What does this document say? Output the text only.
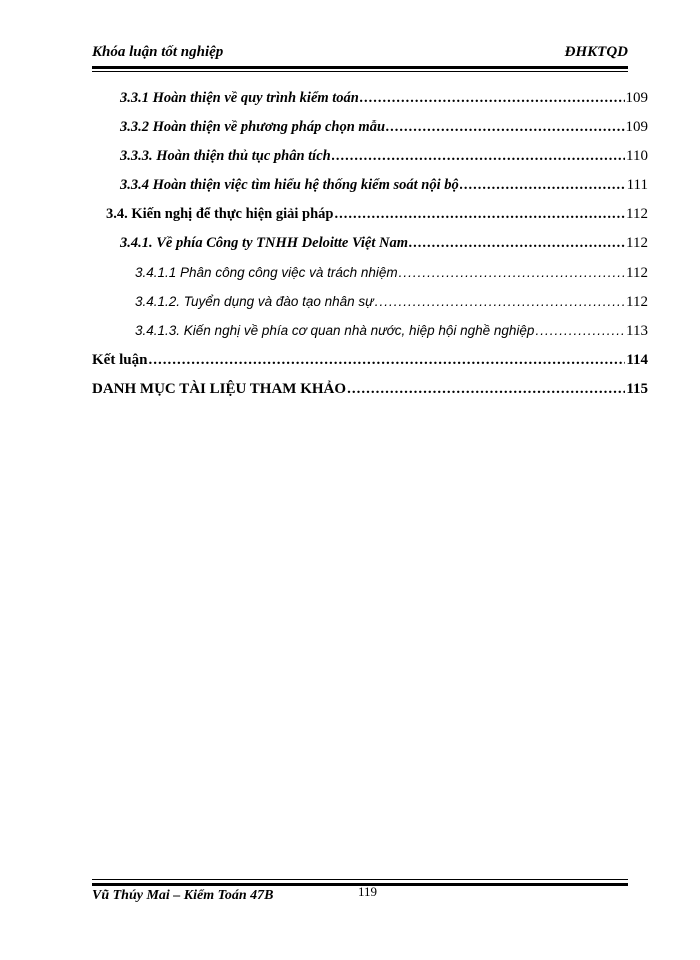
Khóa luận tốt nghiệp	ĐHKTQD
3.3.1 Hoàn thiện về quy trình kiểm toán .....	109
3.3.2 Hoàn thiện về phương pháp chọn mẫu .....	109
3.3.3. Hoàn thiện thủ tục phân tích .....	110
3.3.4 Hoàn thiện việc tìm hiểu hệ thống kiểm soát nội bộ .....	111
3.4. Kiến nghị để thực hiện giải pháp .....	112
3.4.1. Về phía Công ty TNHH Deloitte Việt Nam .....	112
3.4.1.1 Phân công công việc và trách nhiệm .....	112
3.4.1.2. Tuyển dụng và đào tạo nhân sự .....	112
3.4.1.3. Kiến nghị về phía cơ quan nhà nước, hiệp hội nghề nghiệp .....	113
Kết luận .....	114
DANH MỤC TÀI LIỆU THAM KHẢO .....	115
Vũ Thúy Mai – Kiểm Toán 47B	119
